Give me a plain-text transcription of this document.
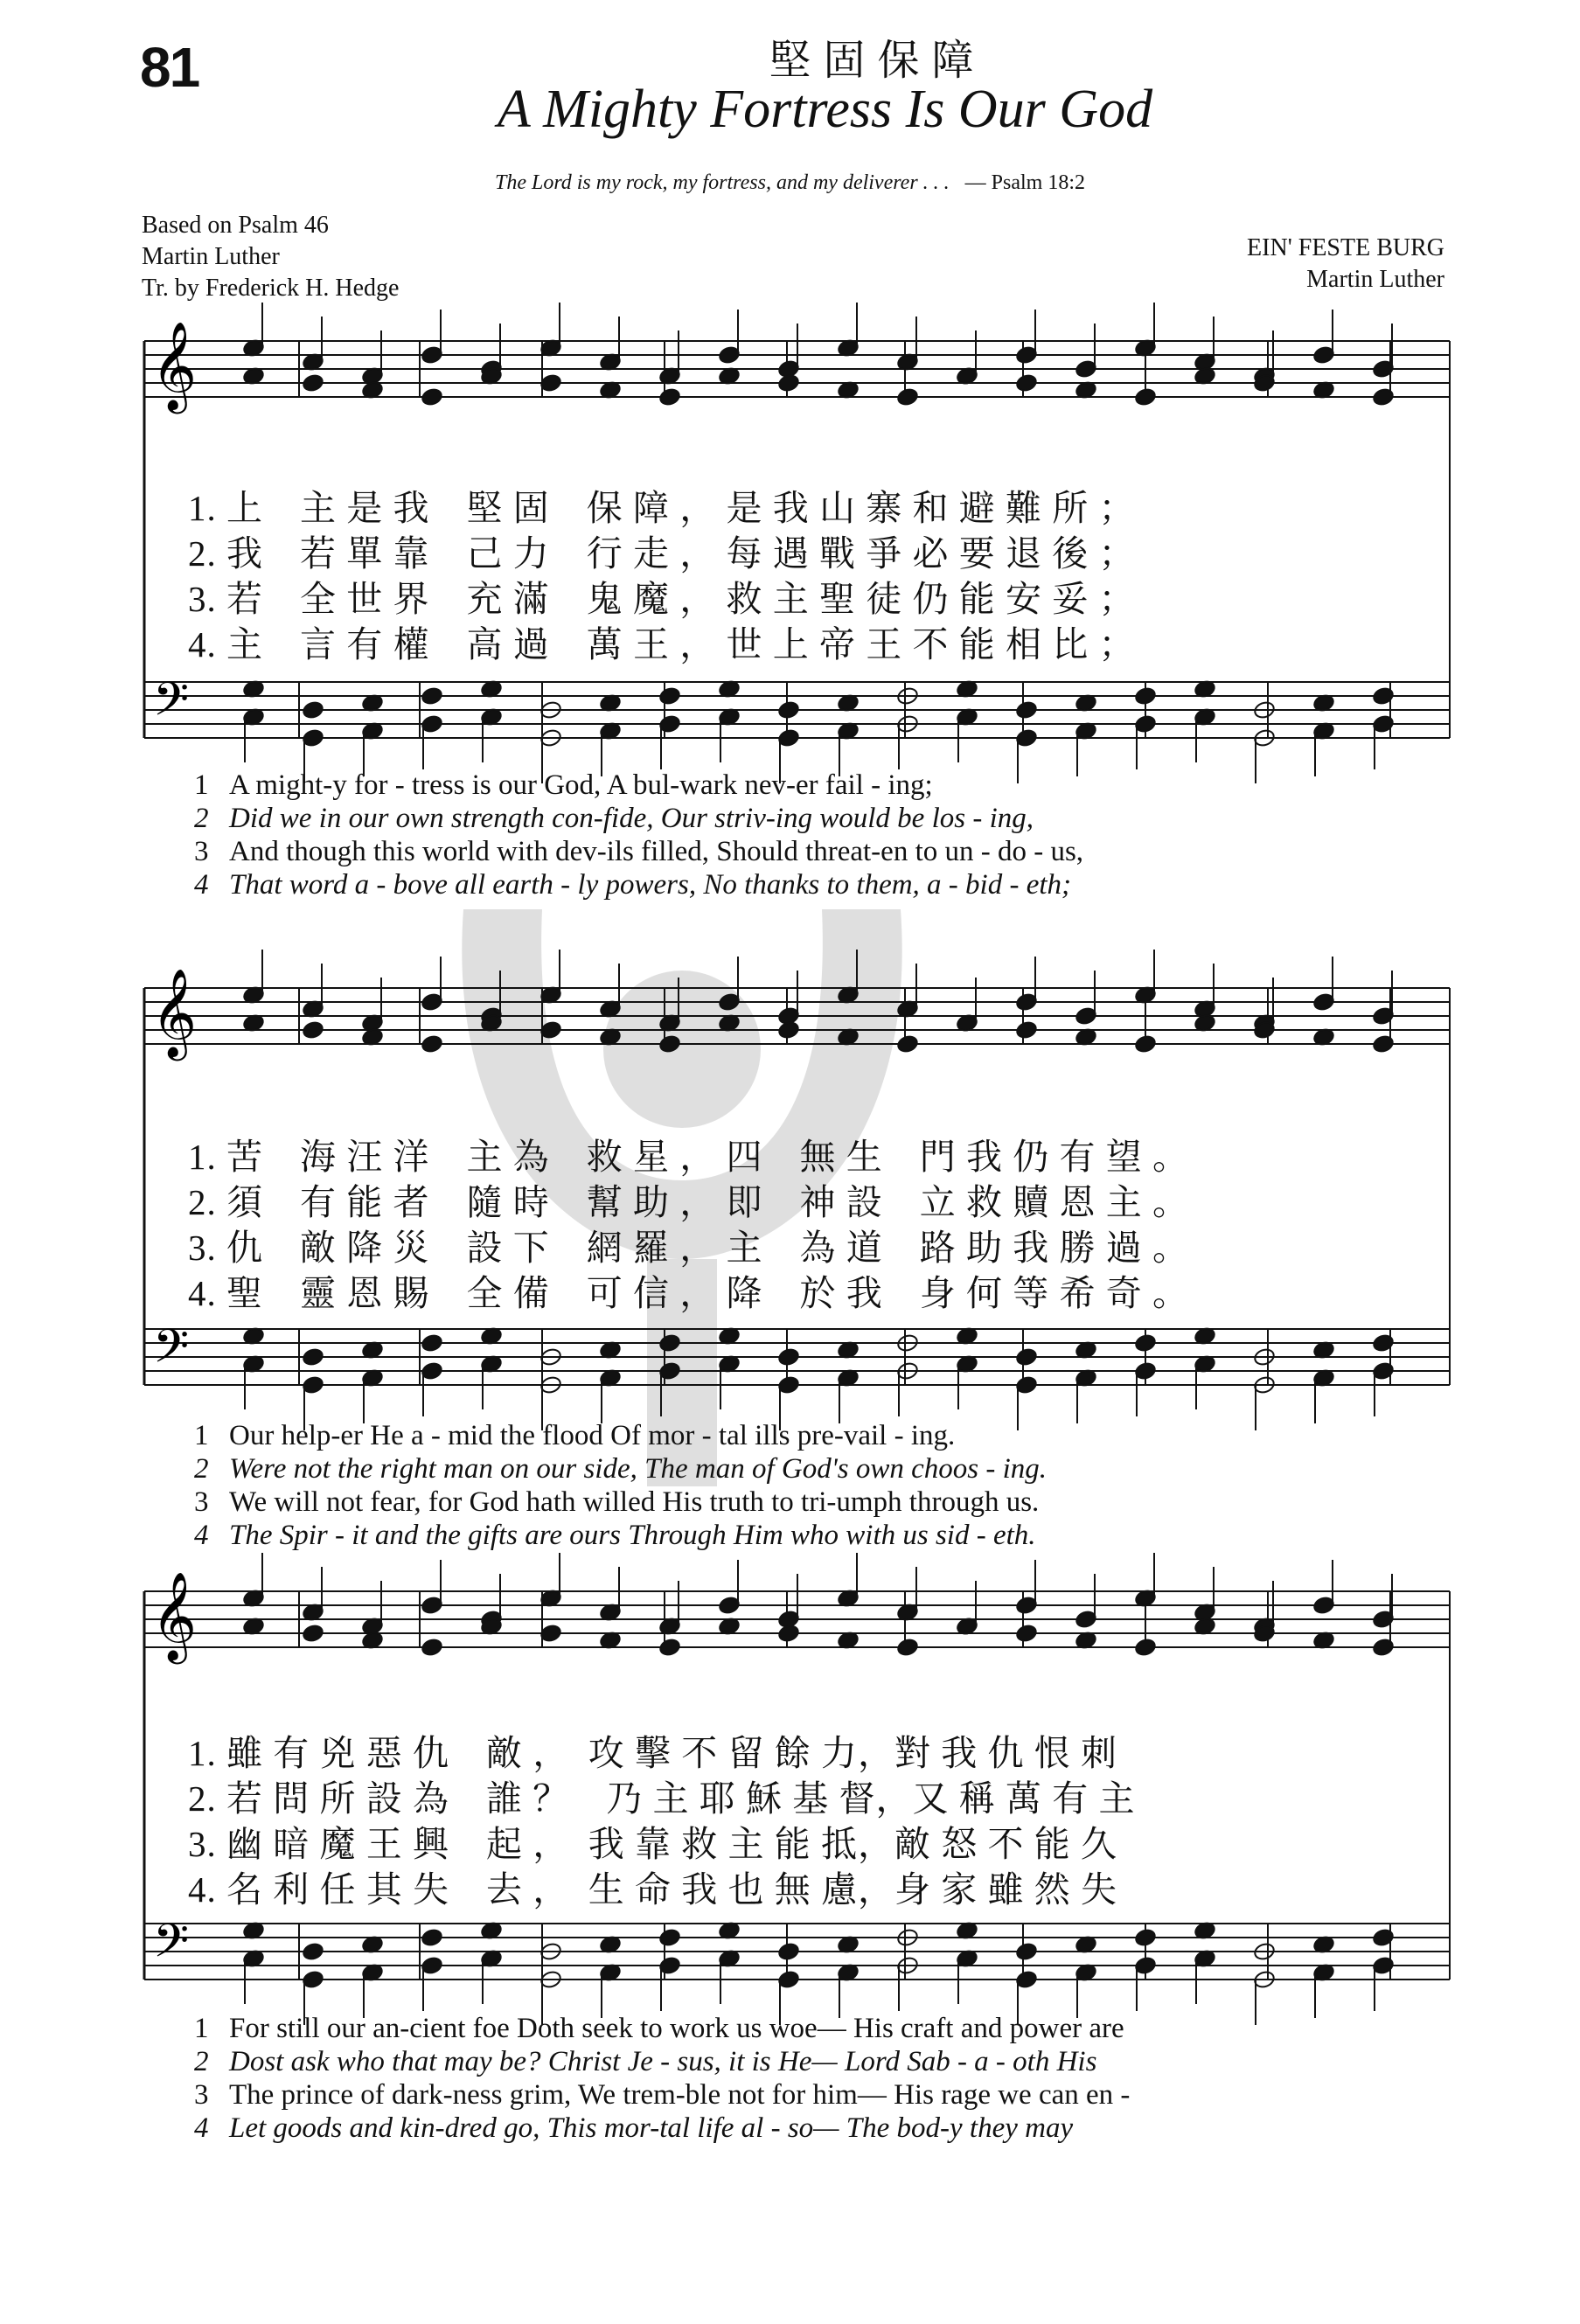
81	堅固保障
A Mighty Fortress Is Our God
The Lord is my rock, my fortress, and my deliverer . . . — Psalm 18:2
Based on Psalm 46
Martin Luther
Tr. by Frederick H. Hedge
EIN' FESTE BURG
Martin Luther
𝄞
𝄢
𝄞
𝄢
𝄞
𝄢
1. 上　主 是 我　堅 固　保 障 ， 是 我 山 寨 和 避 難 所 ；
2. 我　若 單 靠　己 力　行 走 ， 每 遇 戰 爭 必 要 退 後 ；
3. 若　全 世 界　充 滿　鬼 魔 ， 救 主 聖 徒 仍 能 安 妥 ；
4. 主　言 有 權　高 過　萬 王 ， 世 上 帝 王 不 能 相 比 ；
1 A might-y for - tress is our God, A bul-wark nev-er fail - ing;
2 Did we in our own strength con-fide, Our striv-ing would be los - ing,
3 And though this world with dev-ils filled, Should threat-en to un - do - us,
4 That word a - bove all earth - ly powers, No thanks to them, a - bid - eth;
1. 苦　海 汪 洋　主 為　救 星 ， 四　無 生　門 我 仍 有 望 。
2. 須　有 能 者　隨 時　幫 助 ， 即　神 設　立 救 贖 恩 主 。
3. 仇　敵 降 災　設 下　網 羅 ， 主　為 道　路 助 我 勝 過 。
4. 聖　靈 恩 賜　全 備　可 信 ， 降　於 我　身 何 等 希 奇 。
1 Our help-er He a - mid the flood Of mor - tal ills pre-vail - ing.
2 Were not the right man on our side, The man of God's own choos - ing.
3 We will not fear, for God hath willed His truth to tri-umph through us.
4 The Spir - it and the gifts are ours Through Him who with us sid - eth.
1. 雖 有 兇 惡 仇　敵 ，　攻 擊 不 留 餘 力，對 我 仇 恨 刺
2. 若 問 所 設 為　誰 ？　乃 主 耶 穌 基 督，又 稱 萬 有 主
3. 幽 暗 魔 王 興　起 ，　我 靠 救 主 能 抵，敵 怒 不 能 久
4. 名 利 任 其 失　去 ，　生 命 我 也 無 慮，身 家 雖 然 失
1 For still our an-cient foe Doth seek to work us woe— His craft and power are
2 Dost ask who that may be? Christ Je - sus, it is He— Lord Sab - a - oth His
3 The prince of dark-ness grim, We trem-ble not for him— His rage we can en -
4 Let goods and kin-dred go, This mor-tal life al - so— The bod-y they may
